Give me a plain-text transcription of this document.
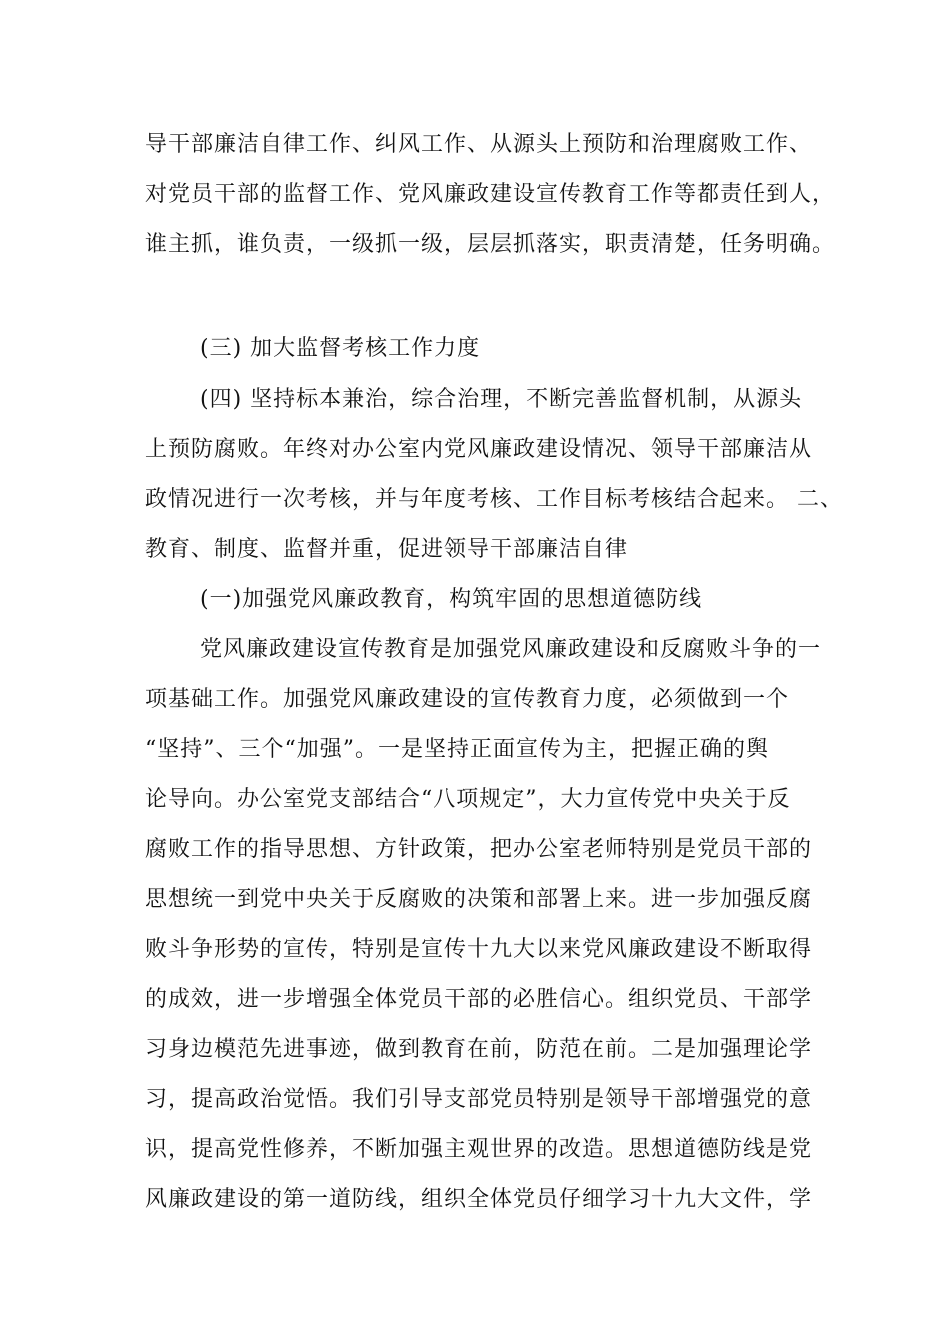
导干部廉洁自律工作、纠风工作、从源头上预防和治理腐败工作、
对党员干部的监督工作、党风廉政建设宣传教育工作等都责任到人，
谁主抓，谁负责，一级抓一级，层层抓落实，职责清楚，任务明确。
(三) 加大监督考核工作力度
(四) 坚持标本兼治，综合治理，不断完善监督机制，从源头
上预防腐败。年终对办公室内党风廉政建设情况、领导干部廉洁从
政情况进行一次考核，并与年度考核、工作目标考核结合起来。 二、
教育、制度、监督并重，促进领导干部廉洁自律
(一)加强党风廉政教育，构筑牢固的思想道德防线
党风廉政建设宣传教育是加强党风廉政建设和反腐败斗争的一
项基础工作。加强党风廉政建设的宣传教育力度，必须做到一个
“坚持”、三个“加强”。一是坚持正面宣传为主，把握正确的舆
论导向。办公室党支部结合“八项规定”，大力宣传党中央关于反
腐败工作的指导思想、方针政策，把办公室老师特别是党员干部的
思想统一到党中央关于反腐败的决策和部署上来。进一步加强反腐
败斗争形势的宣传，特别是宣传十九大以来党风廉政建设不断取得
的成效，进一步增强全体党员干部的必胜信心。组织党员、干部学
习身边模范先进事迹，做到教育在前，防范在前。二是加强理论学
习，提高政治觉悟。我们引导支部党员特别是领导干部增强党的意
识，提高党性修养，不断加强主观世界的改造。思想道德防线是党
风廉政建设的第一道防线，组织全体党员仔细学习十九大文件，学
